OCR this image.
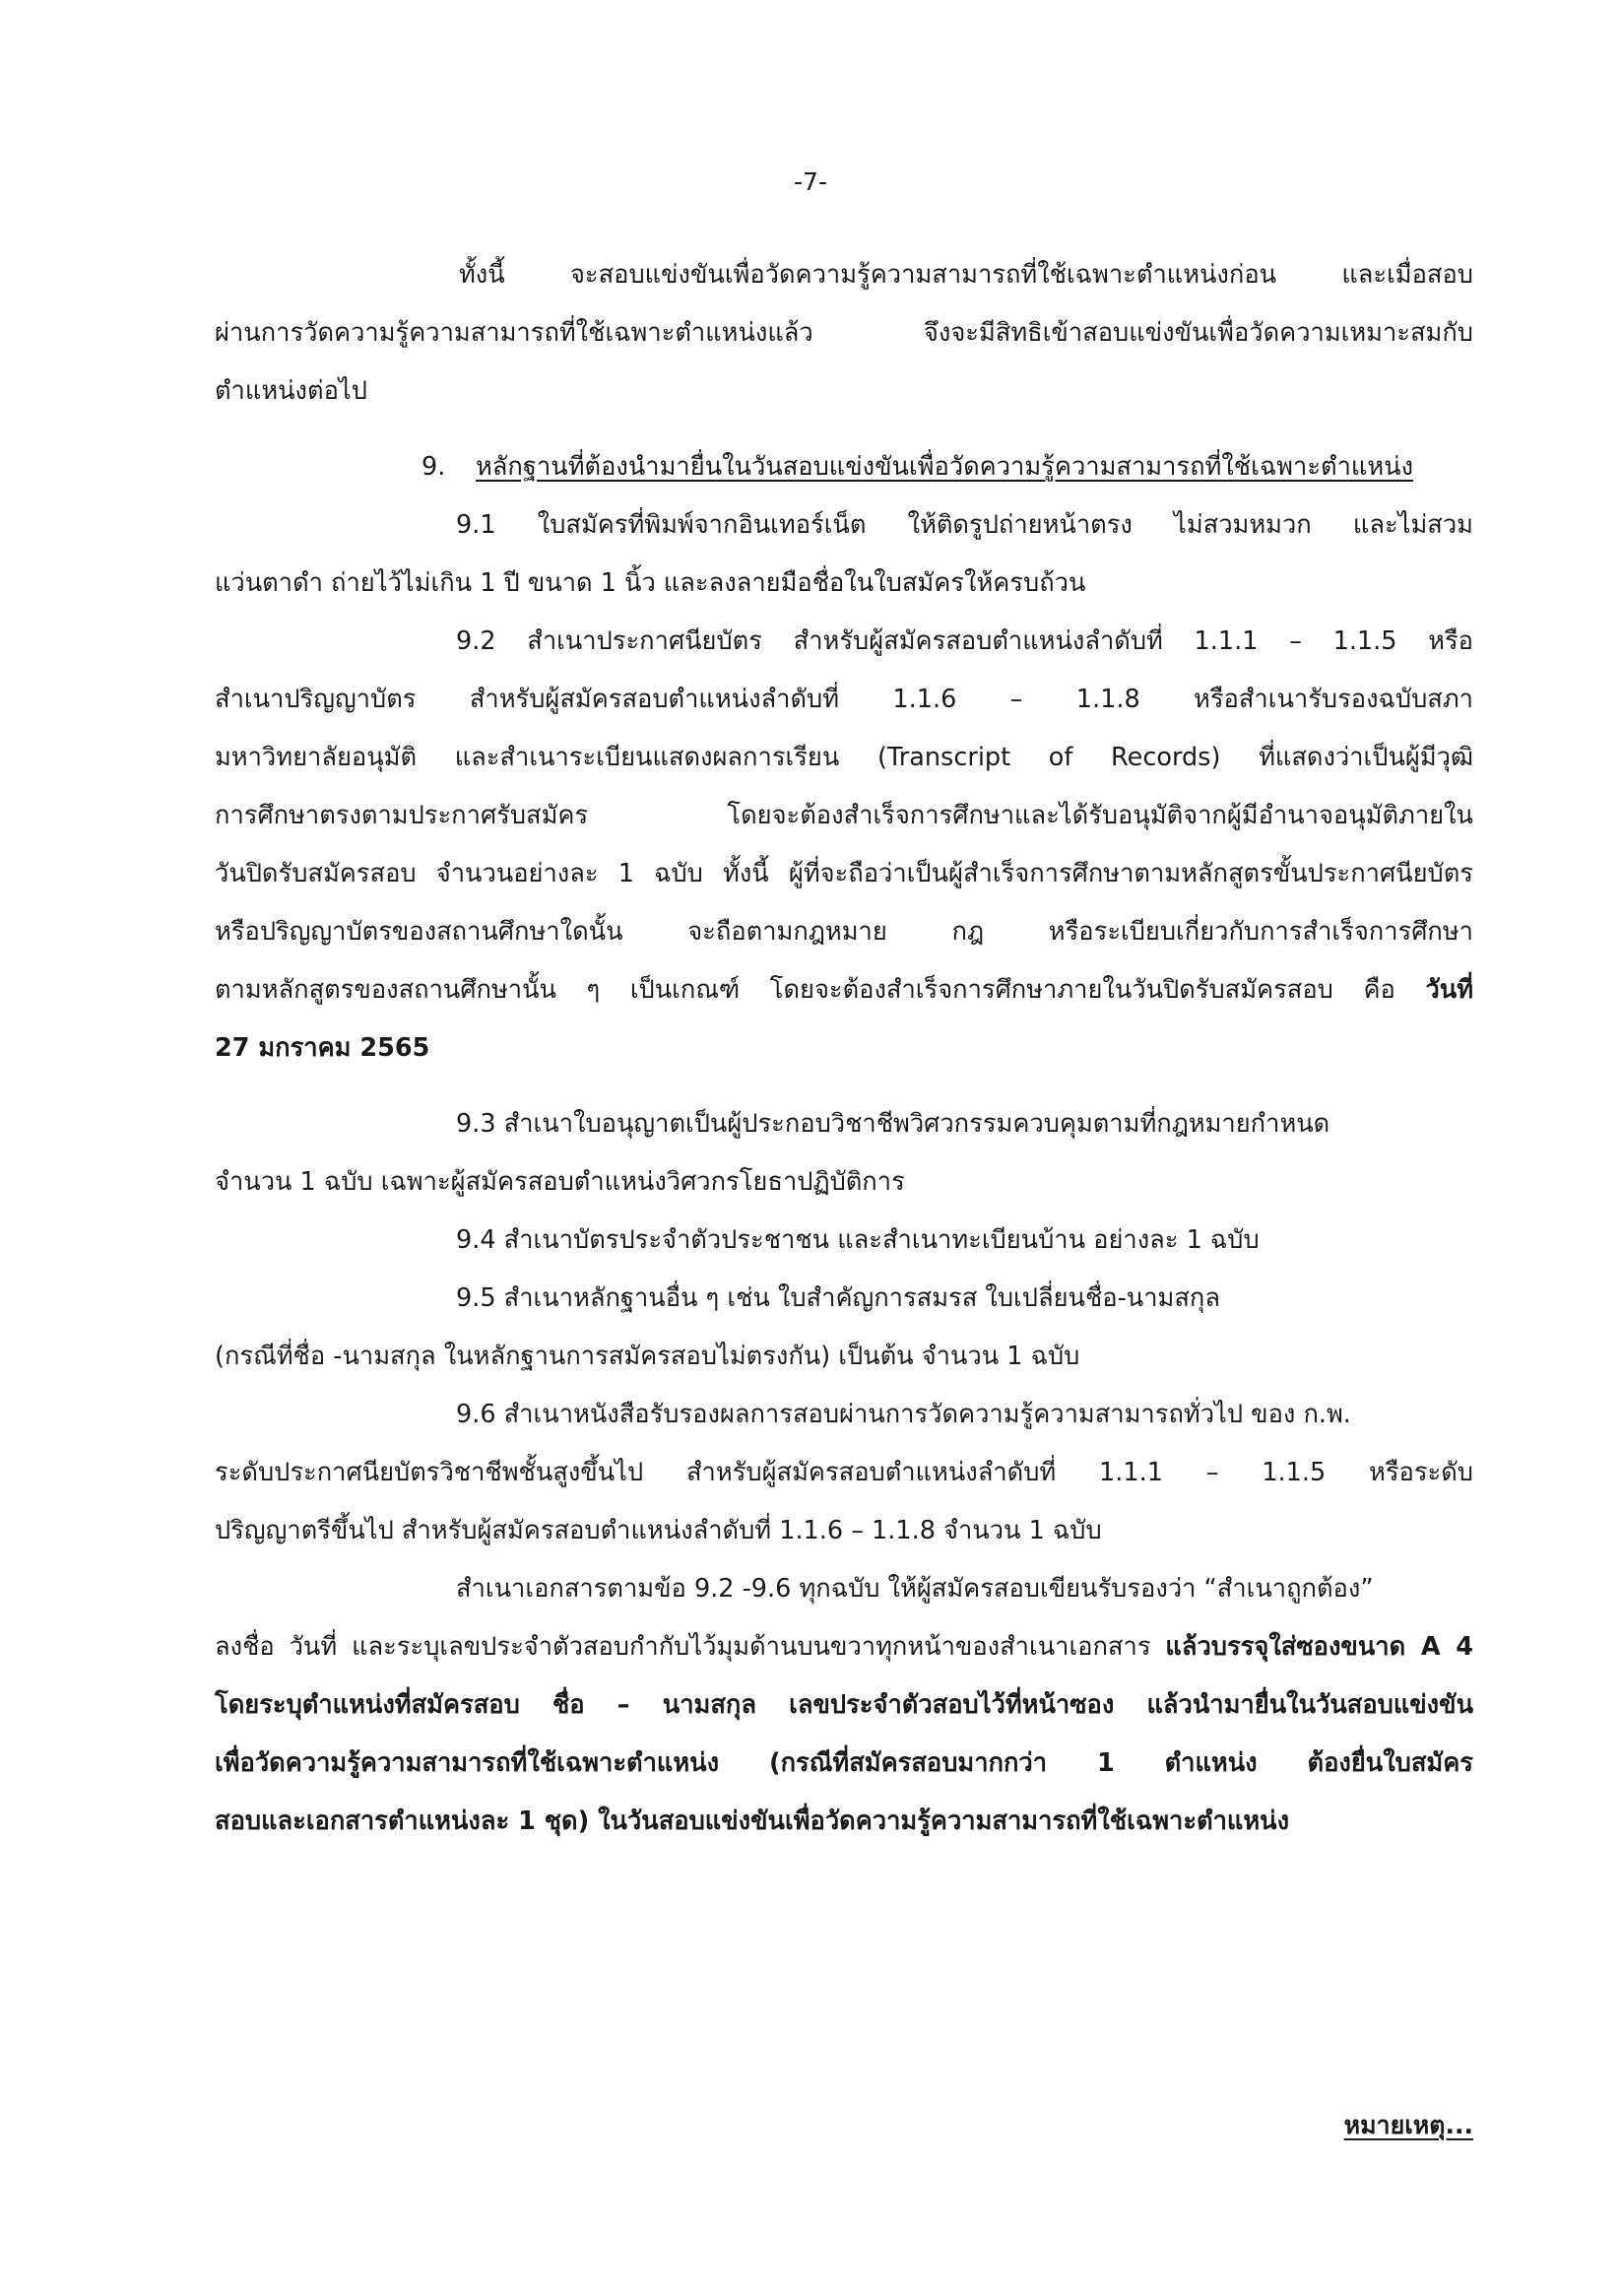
-7-
ทั้งนี้ จะสอบแข่งขันเพื่อวัดความรู้ความสามารถที่ใช้เฉพาะตำแหน่งก่อน และเมื่อสอบ
ผ่านการวัดความรู้ความสามารถที่ใช้เฉพาะตำแหน่งแล้ว จึงจะมีสิทธิเข้าสอบแข่งขันเพื่อวัดความเหมาะสมกับ
ตำแหน่งต่อไป
9. หลักฐานที่ต้องนำมายื่นในวันสอบแข่งขันเพื่อวัดความรู้ความสามารถที่ใช้เฉพาะตำแหน่ง
9.1 ใบสมัครที่พิมพ์จากอินเทอร์เน็ต ให้ติดรูปถ่ายหน้าตรง ไม่สวมหมวก และไม่สวม
แว่นตาดำ ถ่ายไว้ไม่เกิน 1 ปี ขนาด 1 นิ้ว และลงลายมือชื่อในใบสมัครให้ครบถ้วน
9.2 สำเนาประกาศนียบัตร สำหรับผู้สมัครสอบตำแหน่งลำดับที่ 1.1.1 – 1.1.5 หรือ
สำเนาปริญญาบัตร สำหรับผู้สมัครสอบตำแหน่งลำดับที่ 1.1.6 – 1.1.8 หรือสำเนารับรองฉบับสภา
มหาวิทยาลัยอนุมัติ และสำเนาระเบียนแสดงผลการเรียน (Transcript of Records) ที่แสดงว่าเป็นผู้มีวุฒิ
การศึกษาตรงตามประกาศรับสมัคร โดยจะต้องสำเร็จการศึกษาและได้รับอนุมัติจากผู้มีอำนาจอนุมัติภายใน
วันปิดรับสมัครสอบ จำนวนอย่างละ 1 ฉบับ ทั้งนี้ ผู้ที่จะถือว่าเป็นผู้สำเร็จการศึกษาตามหลักสูตรขั้นประกาศนียบัตร
หรือปริญญาบัตรของสถานศึกษาใดนั้น จะถือตามกฎหมาย กฎ หรือระเบียบเกี่ยวกับการสำเร็จการศึกษา
ตามหลักสูตรของสถานศึกษานั้น ๆ เป็นเกณฑ์ โดยจะต้องสำเร็จการศึกษาภายในวันปิดรับสมัครสอบ คือ วันที่
27 มกราคม 2565
9.3 สำเนาใบอนุญาตเป็นผู้ประกอบวิชาชีพวิศวกรรมควบคุมตามที่กฎหมายกำหนด
จำนวน 1 ฉบับ เฉพาะผู้สมัครสอบตำแหน่งวิศวกรโยธาปฏิบัติการ
9.4 สำเนาบัตรประจำตัวประชาชน และสำเนาทะเบียนบ้าน อย่างละ 1 ฉบับ
9.5 สำเนาหลักฐานอื่น ๆ เช่น ใบสำคัญการสมรส ใบเปลี่ยนชื่อ-นามสกุล
(กรณีที่ชื่อ -นามสกุล ในหลักฐานการสมัครสอบไม่ตรงกัน) เป็นต้น จำนวน 1 ฉบับ
9.6 สำเนาหนังสือรับรองผลการสอบผ่านการวัดความรู้ความสามารถทั่วไป ของ ก.พ.
ระดับประกาศนียบัตรวิชาชีพชั้นสูงขึ้นไป สำหรับผู้สมัครสอบตำแหน่งลำดับที่ 1.1.1 – 1.1.5 หรือระดับ
ปริญญาตรีขึ้นไป สำหรับผู้สมัครสอบตำแหน่งลำดับที่ 1.1.6 – 1.1.8 จำนวน 1 ฉบับ
สำเนาเอกสารตามข้อ 9.2 -9.6 ทุกฉบับ ให้ผู้สมัครสอบเขียนรับรองว่า “สำเนาถูกต้อง”
ลงชื่อ วันที่ และระบุเลขประจำตัวสอบกำกับไว้มุมด้านบนขวาทุกหน้าของสำเนาเอกสาร แล้วบรรจุใส่ซองขนาด A 4
โดยระบุตำแหน่งที่สมัครสอบ ชื่อ – นามสกุล เลขประจำตัวสอบไว้ที่หน้าซอง แล้วนำมายื่นในวันสอบแข่งขัน
เพื่อวัดความรู้ความสามารถที่ใช้เฉพาะตำแหน่ง (กรณีที่สมัครสอบมากกว่า 1 ตำแหน่ง ต้องยื่นใบสมัคร
สอบและเอกสารตำแหน่งละ 1 ชุด) ในวันสอบแข่งขันเพื่อวัดความรู้ความสามารถที่ใช้เฉพาะตำแหน่ง
หมายเหตุ...
